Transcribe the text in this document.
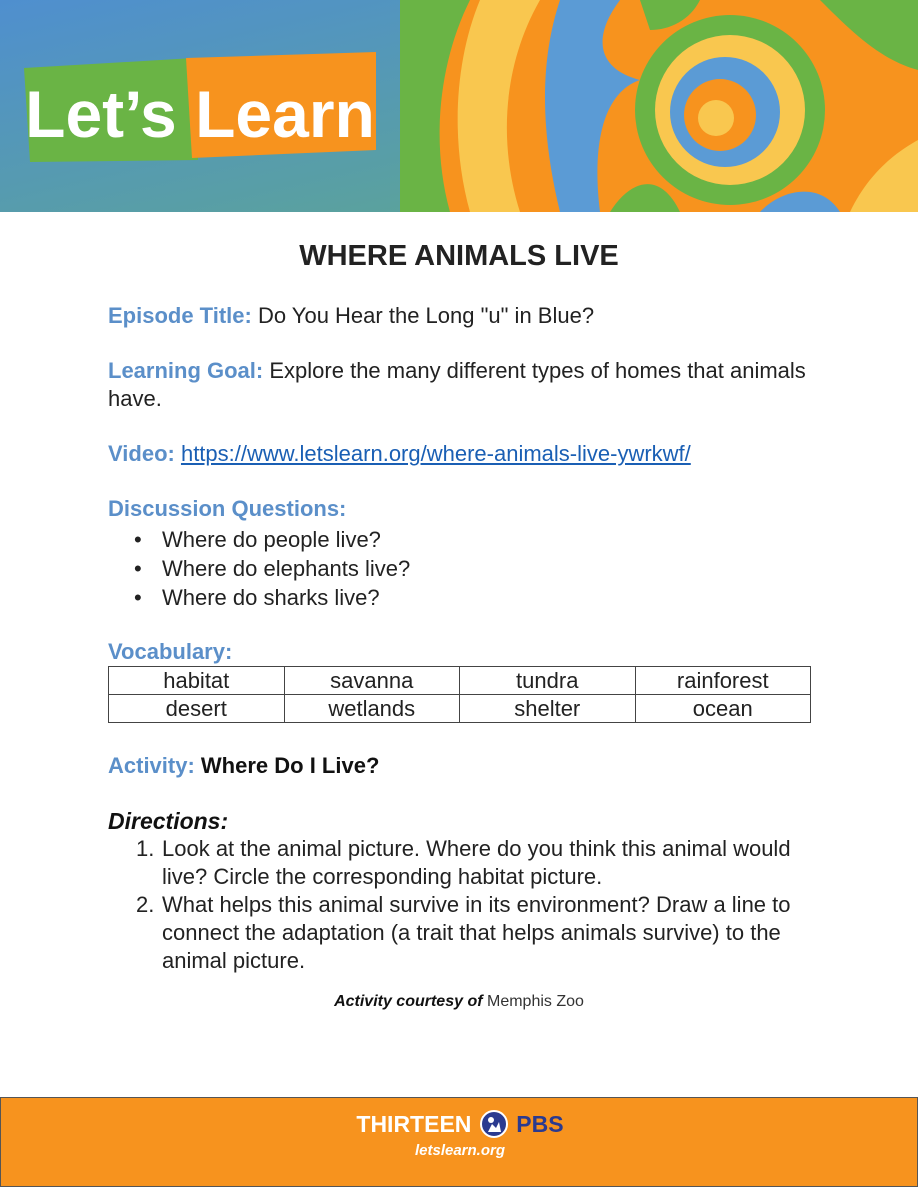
Let’s Learn
WHERE ANIMALS LIVE
Episode Title: Do You Hear the Long "u" in Blue?
Learning Goal: Explore the many different types of homes that animals have.
Video: https://www.letslearn.org/where-animals-live-ywrkwf/
Discussion Questions:
• Where do people live?
• Where do elephants live?
• Where do sharks live?
Vocabulary:
habitat	savanna	tundra	rainforest
desert	wetlands	shelter	ocean
Activity: Where Do I Live?
Directions:
1. Look at the animal picture. Where do you think this animal would live? Circle the corresponding habitat picture.
2. What helps this animal survive in its environment? Draw a line to connect the adaptation (a trait that helps animals survive) to the animal picture.
Activity courtesy of Memphis Zoo
THIRTEEN PBS
letslearn.org
